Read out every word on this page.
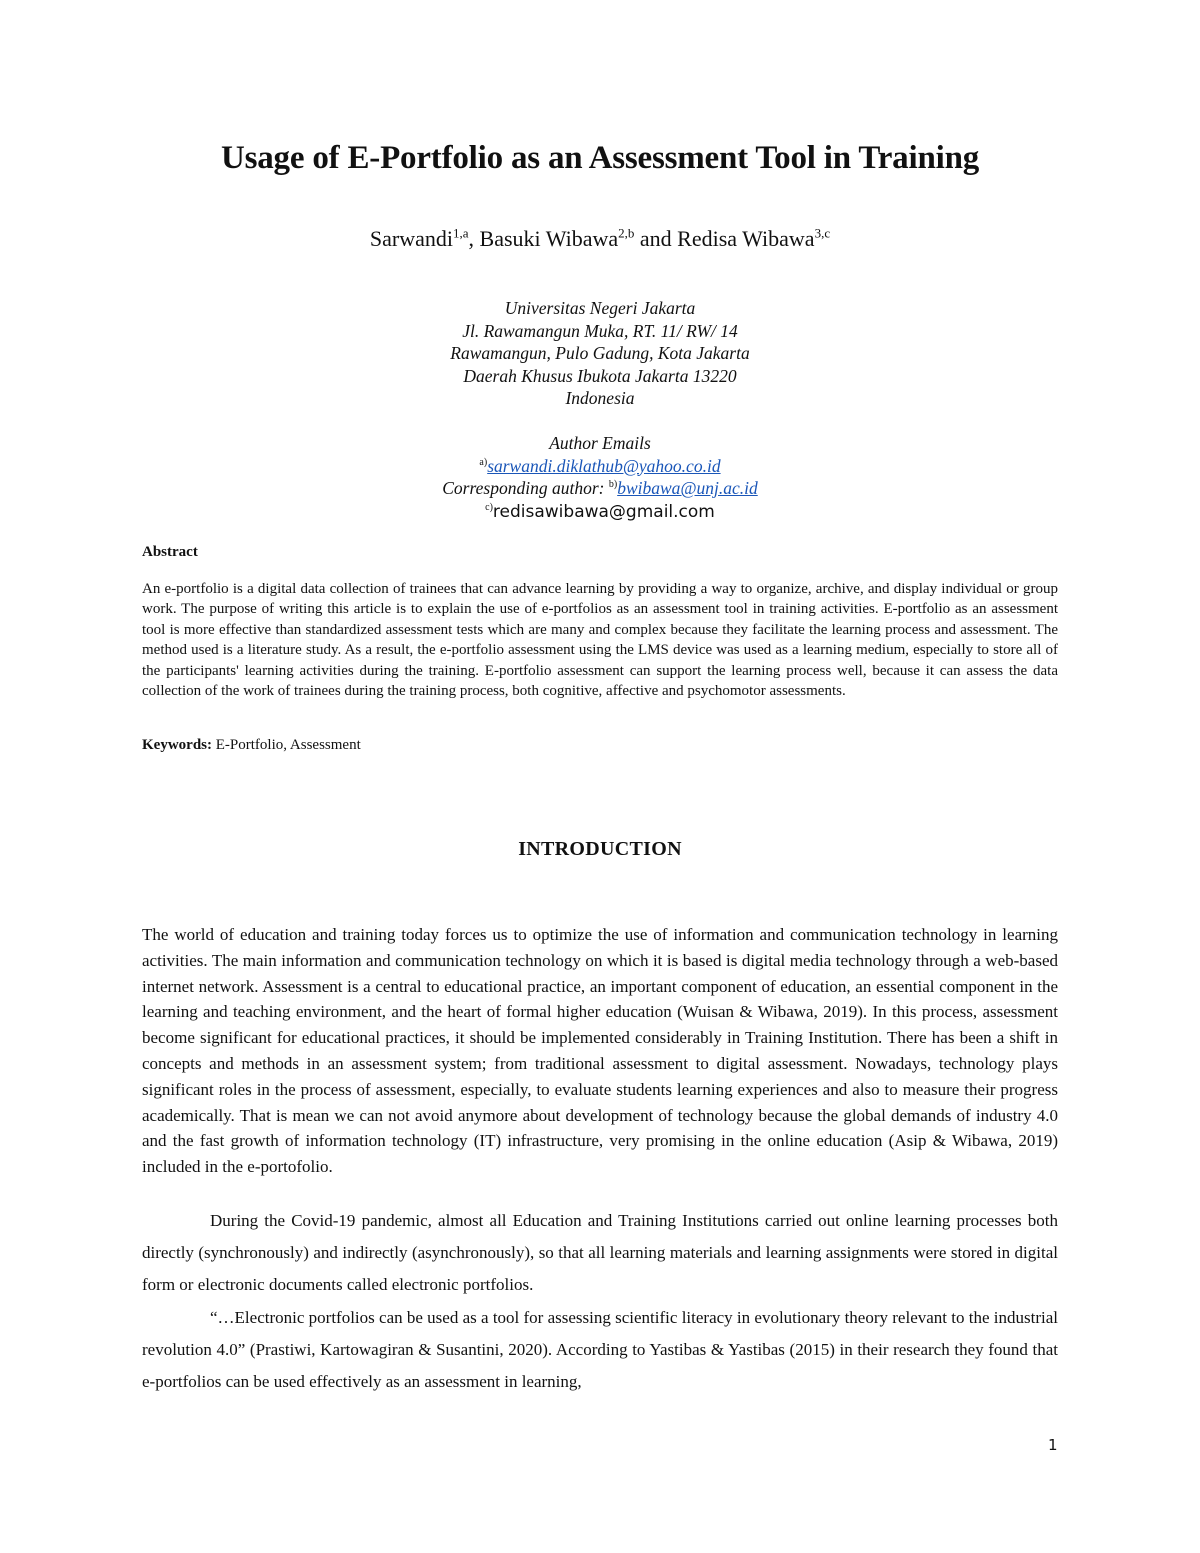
Usage of E-Portfolio as an Assessment Tool in Training

Sarwandi$^{1,a}$, Basuki Wibawa$^{2,b}$ and Redisa Wibawa$^{3,c}$

Universitas Negeri Jakarta
Jl. Rawamangun Muka, RT. 11/ RW/ 14
Rawamangun, Pulo Gadung, Kota Jakarta
Daerah Khusus Ibukota Jakarta 13220
Indonesia
Author Emails
$^{a)}$sarwandi.diklathub@yahoo.co.id
Corresponding author: $^{b)}$bwibawa@unj.ac.id
$^{c)}$redisawibawa@gmail.com

Abstract

An e-portfolio is a digital data collection of trainees that can advance learning by providing a way to organize, archive, and display individual or group work. The purpose of writing this article is to explain the use of e-portfolios as an assessment tool in training activities. E-portfolio as an assessment tool is more effective than standardized assessment tests which are many and complex because they facilitate the learning process and assessment. The method used is a literature study. As a result, the e-portfolio assessment using the LMS device was used as a learning medium, especially to store all of the participants' learning activities during the training. E-portfolio assessment can support the learning process well, because it can assess the data collection of the work of trainees during the training process, both cognitive, affective and psychomotor assessments.

Keywords: E-Portfolio, Assessment

INTRODUCTION

The world of education and training today forces us to optimize the use of information and communication technology in learning activities. The main information and communication technology on which it is based is digital media technology through a web-based internet network. Assessment is a central to educational practice, an important component of education, an essential component in the learning and teaching environment, and the heart of formal higher education (Wuisan & Wibawa, 2019). In this process, assessment become significant for educational practices, it should be implemented considerably in Training Institution. There has been a shift in concepts and methods in an assessment system; from traditional assessment to digital assessment. Nowadays, technology plays significant roles in the process of assessment, especially, to evaluate students learning experiences and also to measure their progress academically. That is mean we can not avoid anymore about development of technology because the global demands of industry 4.0 and the fast growth of information technology (IT) infrastructure, very promising in the online education (Asip & Wibawa, 2019) included in the e-portofolio.

During the Covid-19 pandemic, almost all Education and Training Institutions carried out online learning processes both directly (synchronously) and indirectly (asynchronously), so that all learning materials and learning assignments were stored in digital form or electronic documents called electronic portfolios.

“…Electronic portfolios can be used as a tool for assessing scientific literacy in evolutionary theory relevant to the industrial revolution 4.0” (Prastiwi, Kartowagiran & Susantini, 2020). According to Yastibas & Yastibas (2015) in their research they found that e-portfolios can be used effectively as an assessment in learning,

1
